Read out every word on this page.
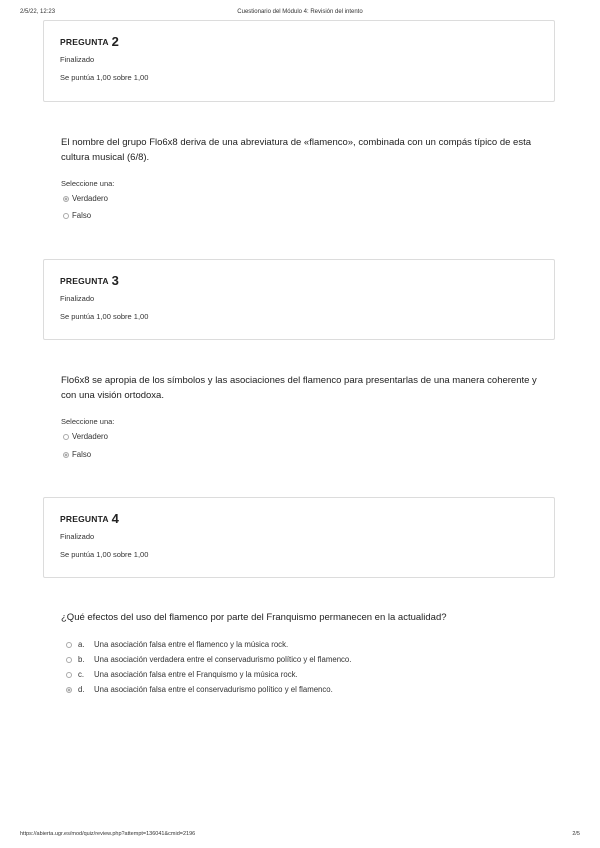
2/5/22, 12:23	Cuestionario del Módulo 4: Revisión del intento
PREGUNTA 2
Finalizado
Se puntúa 1,00 sobre 1,00
El nombre del grupo Flo6x8 deriva de una abreviatura de «flamenco», combinada con un compás típico de esta cultura musical (6/8).
Seleccione una:
Verdadero
Falso
PREGUNTA 3
Finalizado
Se puntúa 1,00 sobre 1,00
Flo6x8 se apropia de los símbolos y las asociaciones del flamenco para presentarlas de una manera coherente y con una visión ortodoxa.
Seleccione una:
Verdadero
Falso
PREGUNTA 4
Finalizado
Se puntúa 1,00 sobre 1,00
¿Qué efectos del uso del flamenco por parte del Franquismo permanecen en la actualidad?
a.	Una asociación falsa entre el flamenco y la música rock.
b.	Una asociación verdadera entre el conservadurismo político y el flamenco.
c.	Una asociación falsa entre el Franquismo y la música rock.
d.	Una asociación falsa entre el conservadurismo político y el flamenco.
https://abierta.ugr.es/mod/quiz/review.php?attempt=136041&cmid=2196	2/5
